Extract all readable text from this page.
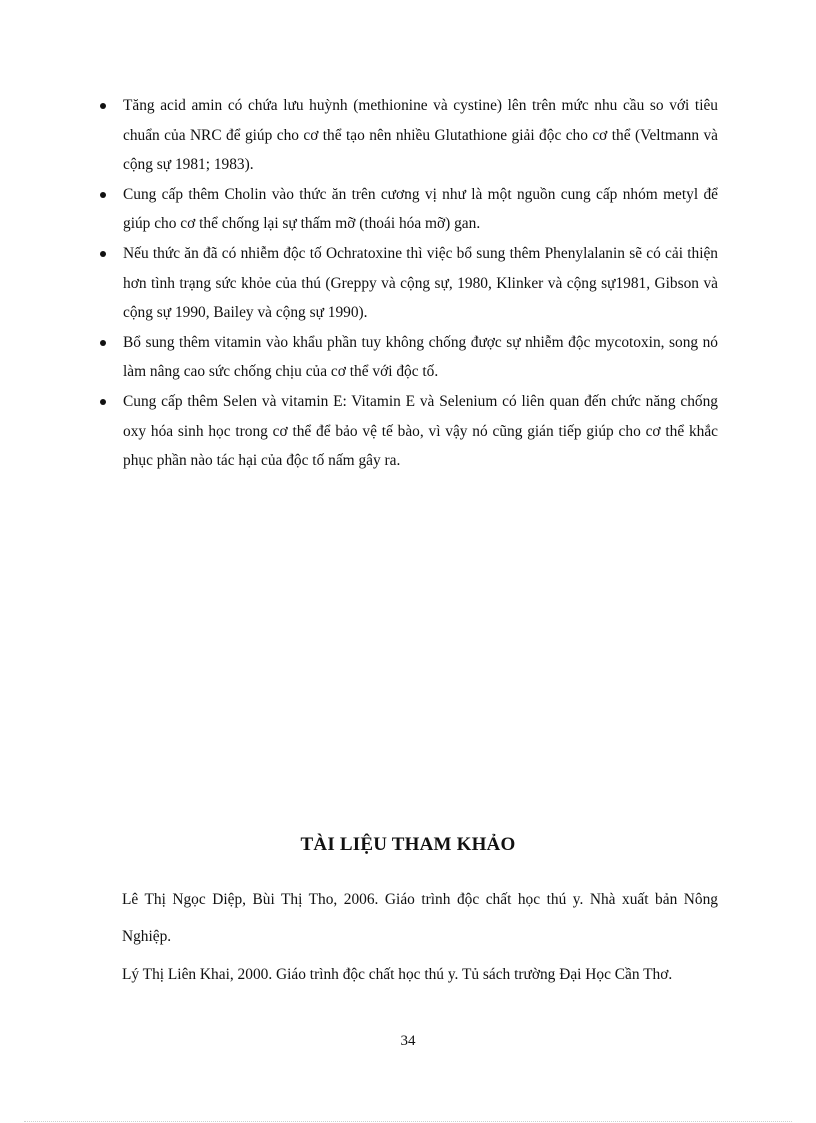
Tăng acid amin có chứa lưu huỳnh (methionine và cystine) lên trên mức nhu cầu so với tiêu chuẩn của NRC để giúp cho cơ thể tạo nên nhiều Glutathione giải độc cho cơ thể (Veltmann và cộng sự 1981; 1983).
Cung cấp thêm Cholin vào thức ăn trên cương vị như là một nguồn cung cấp nhóm metyl để giúp cho cơ thể chống lại sự thấm mỡ (thoái hóa mỡ) gan.
Nếu thức ăn đã có nhiễm độc tố Ochratoxine thì việc bổ sung thêm Phenylalanin sẽ có cải thiện hơn tình trạng sức khỏe của thú (Greppy và cộng sự, 1980, Klinker và cộng sự1981, Gibson và cộng sự 1990, Bailey và cộng sự 1990).
Bổ sung thêm vitamin vào khẩu phần tuy không chống được sự nhiễm độc mycotoxin, song nó làm nâng cao sức chống chịu của cơ thể với độc tố.
Cung cấp thêm Selen và vitamin E: Vitamin E và Selenium có liên quan đến chức năng chống oxy hóa sinh học trong cơ thể để bảo vệ tế bào, vì vậy nó cũng gián tiếp giúp cho cơ thể khắc phục phần nào tác hại của độc tố nấm gây ra.
TÀI LIỆU THAM KHẢO

Lê Thị Ngọc Diệp, Bùi Thị Tho, 2006. Giáo trình độc chất học thú y. Nhà xuất bản Nông Nghiệp.

Lý Thị Liên Khai, 2000. Giáo trình độc chất học thú y. Tủ sách trường Đại Học Cần Thơ.

34
